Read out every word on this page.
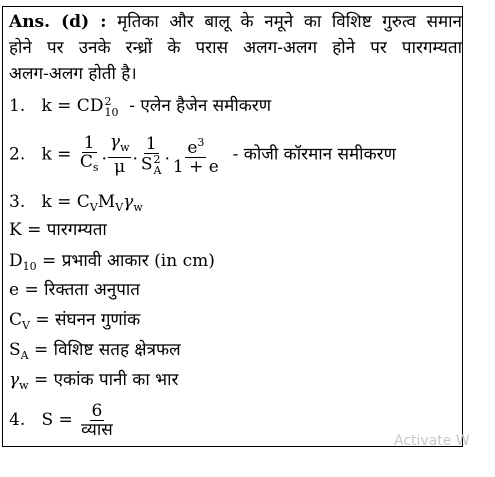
Ans. (d) : मृतिका और बालू के नमूने का विशिष्ट गुरुत्व समान
होने पर उनके रन्ध्रों के परास अलग-अलग होने पर पारगम्यता
अलग-अलग होती है।
1. k = CD 2
10 - एलेन हैजेन समीकरण
2. $k = \frac{1}{C_s}$ . $\frac{\gamma_w}{\mu}$ . 1
S 2
A . $\frac{e^3}{1 + e}$ - कोजी कॉरमान समीकरण
3. $k = C_VM_V\gamma_w$
K = पारगम्यता
$D_{10}$ = प्रभावी आकार (in cm)
e = रिक्तता अनुपात
$C_V$ = संघनन गुणांक
$S_A$ = विशिष्ट सतह क्षेत्रफल
$\gamma_w$ = एकांक पानी का भार
4. $S = \frac{6}{\text{व्यास}}$
Activate W
